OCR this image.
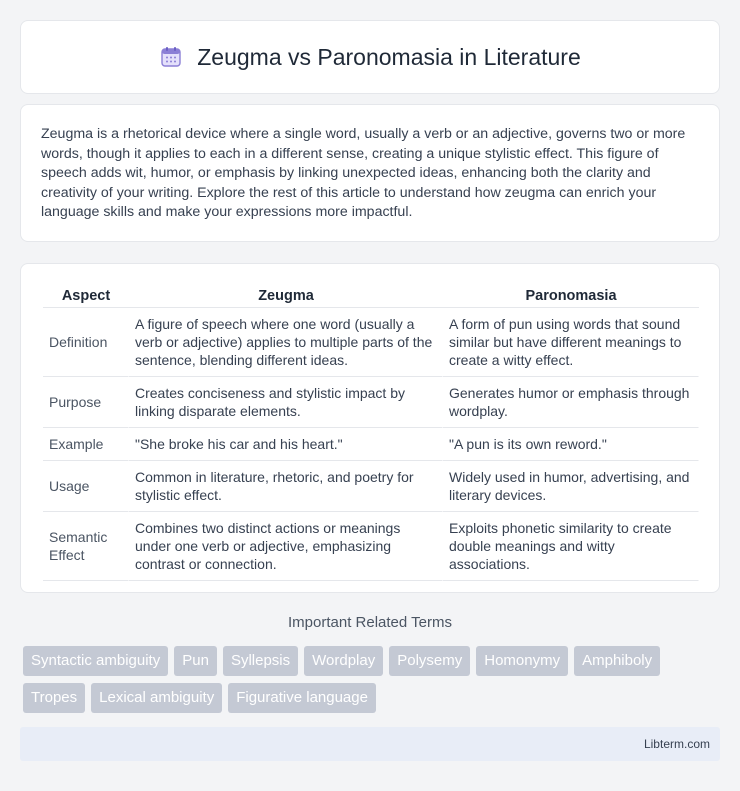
Zeugma vs Paronomasia in Literature

Zeugma is a rhetorical device where a single word, usually a verb or an adjective, governs two or more words, though it applies to each in a different sense, creating a unique stylistic effect. This figure of speech adds wit, humor, or emphasis by linking unexpected ideas, enhancing both the clarity and creativity of your writing. Explore the rest of this article to understand how zeugma can enrich your language skills and make your expressions more impactful.

Aspect	Zeugma	Paronomasia
Definition	A figure of speech where one word (usually a verb or adjective) applies to multiple parts of the sentence, blending different ideas.	A form of pun using words that sound similar but have different meanings to create a witty effect.
Purpose	Creates conciseness and stylistic impact by linking disparate elements.	Generates humor or emphasis through wordplay.
Example	"She broke his car and his heart."	"A pun is its own reword."
Usage	Common in literature, rhetoric, and poetry for stylistic effect.	Widely used in humor, advertising, and literary devices.
Semantic Effect	Combines two distinct actions or meanings under one verb or adjective, emphasizing contrast or connection.	Exploits phonetic similarity to create double meanings and witty associations.
Important Related Terms
Syntactic ambiguity	Pun	Syllepsis	Wordplay	Polysemy	Homonymy	Amphiboly
Tropes	Lexical ambiguity	Figurative language
Libterm.com
